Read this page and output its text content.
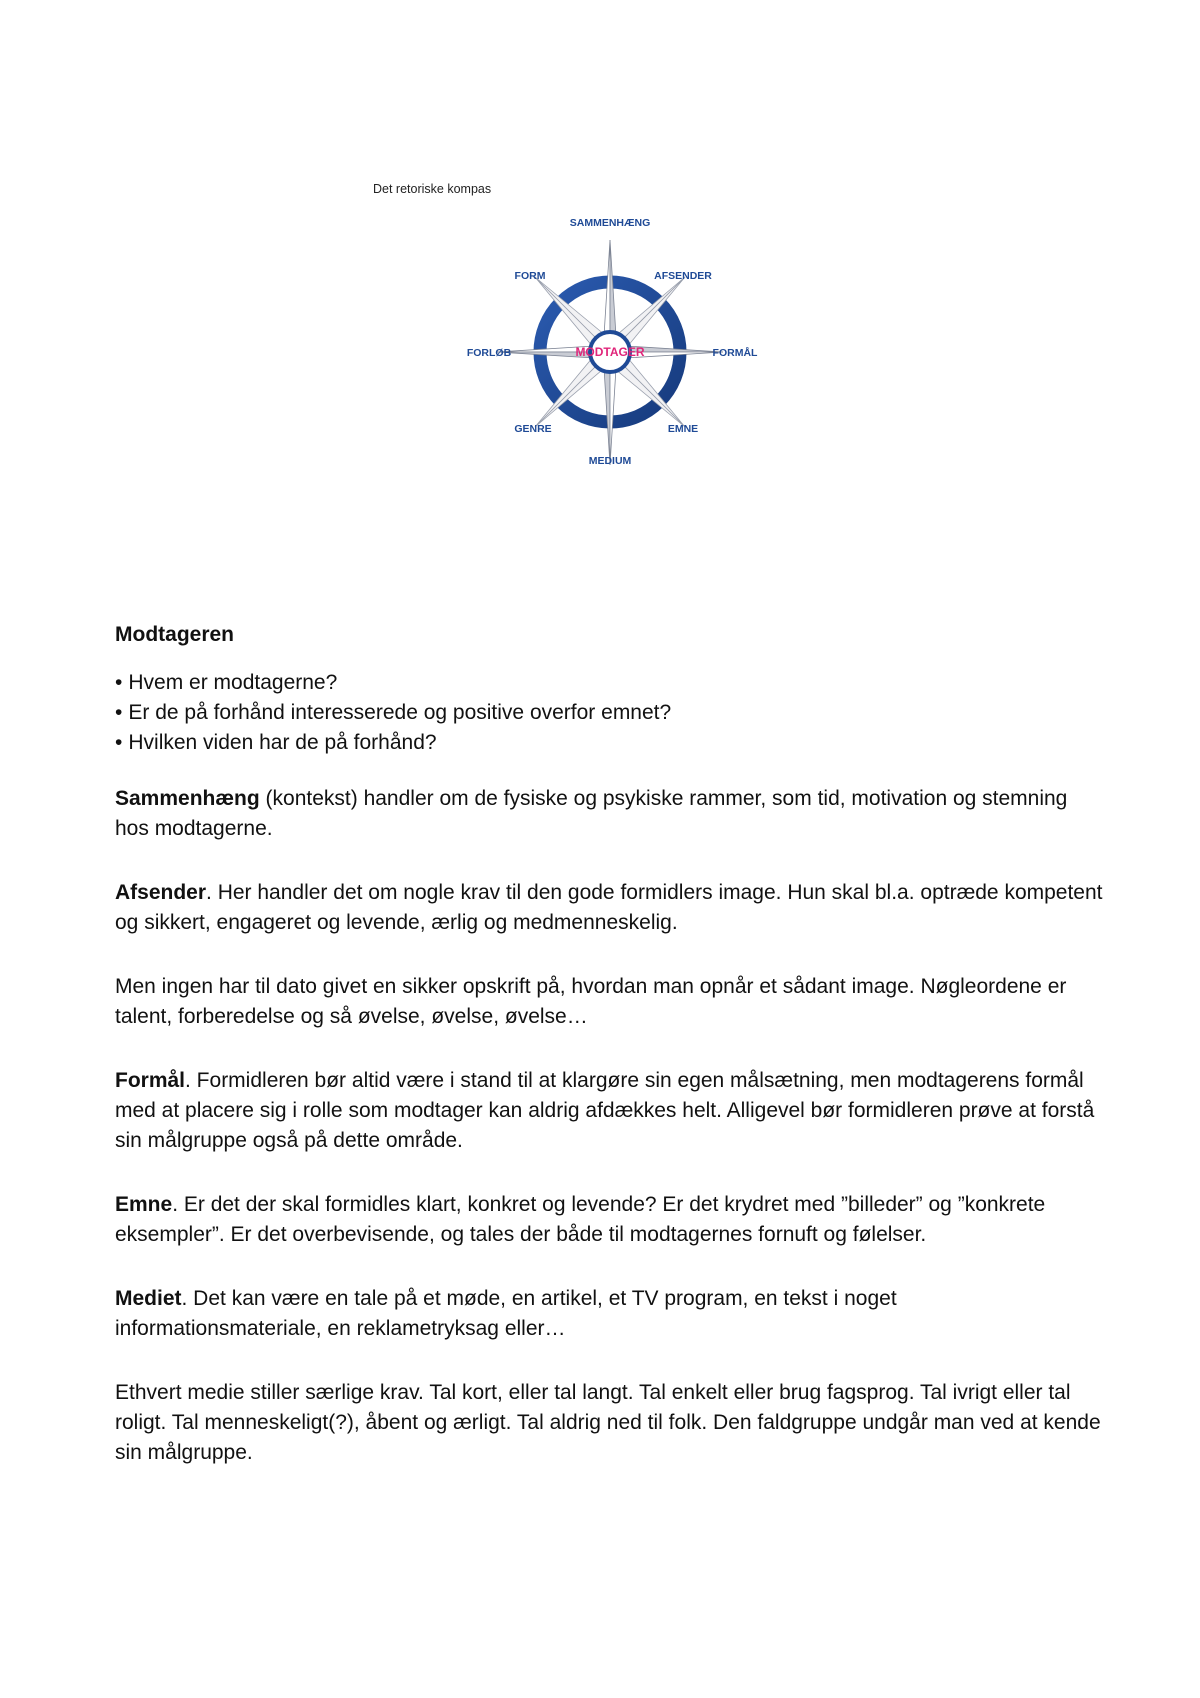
Det retoriske kompas
SAMMENHÆNG
AFSENDER
FORMÅL
EMNE
MEDIUM
GENRE
FORLØB
FORM
MODTAGER
Modtageren
• Hvem er modtagerne?
• Er de på forhånd interesserede og positive overfor emnet?
• Hvilken viden har de på forhånd?

Sammenhæng (kontekst) handler om de fysiske og psykiske rammer, som tid, motivation og stemning hos modtagerne.

Afsender. Her handler det om nogle krav til den gode formidlers image. Hun skal bl.a. optræde kompetent og sikkert, engageret og levende, ærlig og medmenneskelig.

Men ingen har til dato givet en sikker opskrift på, hvordan man opnår et sådant image. Nøgleordene er talent, forberedelse og så øvelse, øvelse, øvelse…

Formål. Formidleren bør altid være i stand til at klargøre sin egen målsætning, men modtagerens formål med at placere sig i rolle som modtager kan aldrig afdækkes helt. Alligevel bør formidleren prøve at forstå sin målgruppe også på dette område.

Emne. Er det der skal formidles klart, konkret og levende? Er det krydret med ”billeder” og ”konkrete eksempler”. Er det overbevisende, og tales der både til modtagernes fornuft og følelser.

Mediet. Det kan være en tale på et møde, en artikel, et TV program, en tekst i noget informationsmateriale, en reklametryksag eller…

Ethvert medie stiller særlige krav. Tal kort, eller tal langt. Tal enkelt eller brug fagsprog. Tal ivrigt eller tal roligt. Tal menneskeligt(?), åbent og ærligt. Tal aldrig ned til folk. Den faldgruppe undgår man ved at kende sin målgruppe.
